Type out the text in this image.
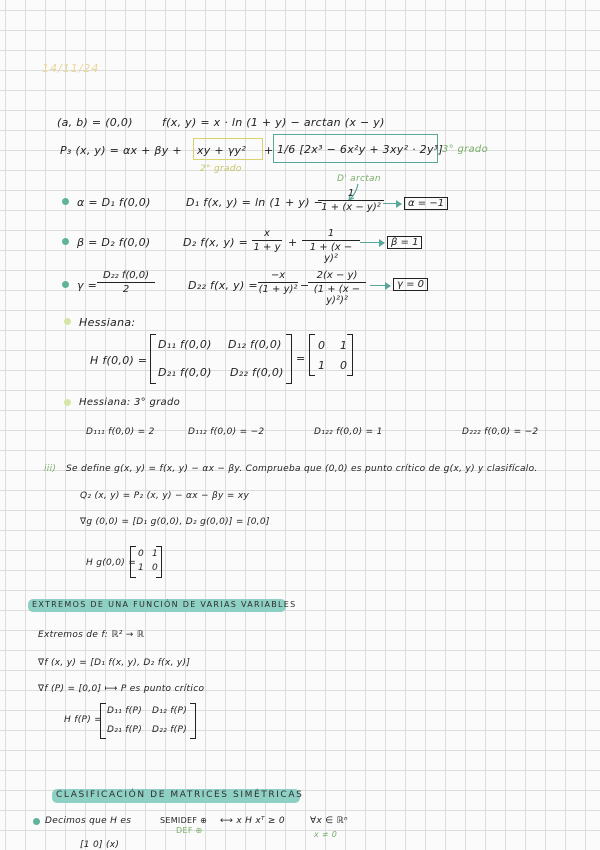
14/11/24
(a, b) = (0,0)	f(x, y) = x · ln (1 + y) − arctan (x − y)
P₃ (x, y) = αx + βy + xy + γy² + 1/6 [2x³ − 6x²y + 3xy² · 2y³]
3° grado
2° grado
D' arctan
α = D₁ f(0,0)	D₁ f(x, y) = ln (1 + y) −
1
1 + (x − y)²	α = −1
β = D₂ f(0,0)	D₂ f(x, y) =
x
1 + y +
1
1 + (x − y)²
β = 1
γ =
D₂₂ f(0,0)
2	D₂₂ f(x, y) =
−x
(1 + y)² −
2(x − y)
(1 + (x − y)²)²
γ = 0
Hessiana:
H f(0,0) =
D₁₁ f(0,0) D₁₂ f(0,0)
D₂₁ f(0,0) D₂₂ f(0,0)
=
0 1
1 0
Hessiana: 3° grado
D₁₁₁ f(0,0) = 2	D₁₁₂ f(0,0) = −2	D₁₂₂ f(0,0) = 1	D₂₂₂ f(0,0) = −2
iii) Se define g(x, y) = f(x, y) − αx − βy. Comprueba que (0,0) es punto crítico de g(x, y) y clasifícalo.
Q₂ (x, y) = P₂ (x, y) − αx − βy = xy
∇g (0,0) = [D₁ g(0,0), D₂ g(0,0)] = [0,0]
H g(0,0) =
0 1
1 0
EXTREMOS DE UNA FUNCIÓN DE VARIAS VARIABLES
Extremos de f: ℝ² → ℝ
∇f (x, y) = [D₁ f(x, y), D₂ f(x, y)]
∇f (P) = [0,0] ⟼ P es punto crítico
H f(P) =
D₁₁ f(P) D₁₂ f(P)
D₂₁ f(P) D₂₂ f(P)
CLASIFICACIÓN DE MATRICES SIMÉTRICAS
Decimos que H es	SEMIDEF ⊕ ⟷ x H xᵀ ≥ 0	∀x ∈ ℝⁿ
DEF ⊕	x ≠ 0
[1 0] (x)
